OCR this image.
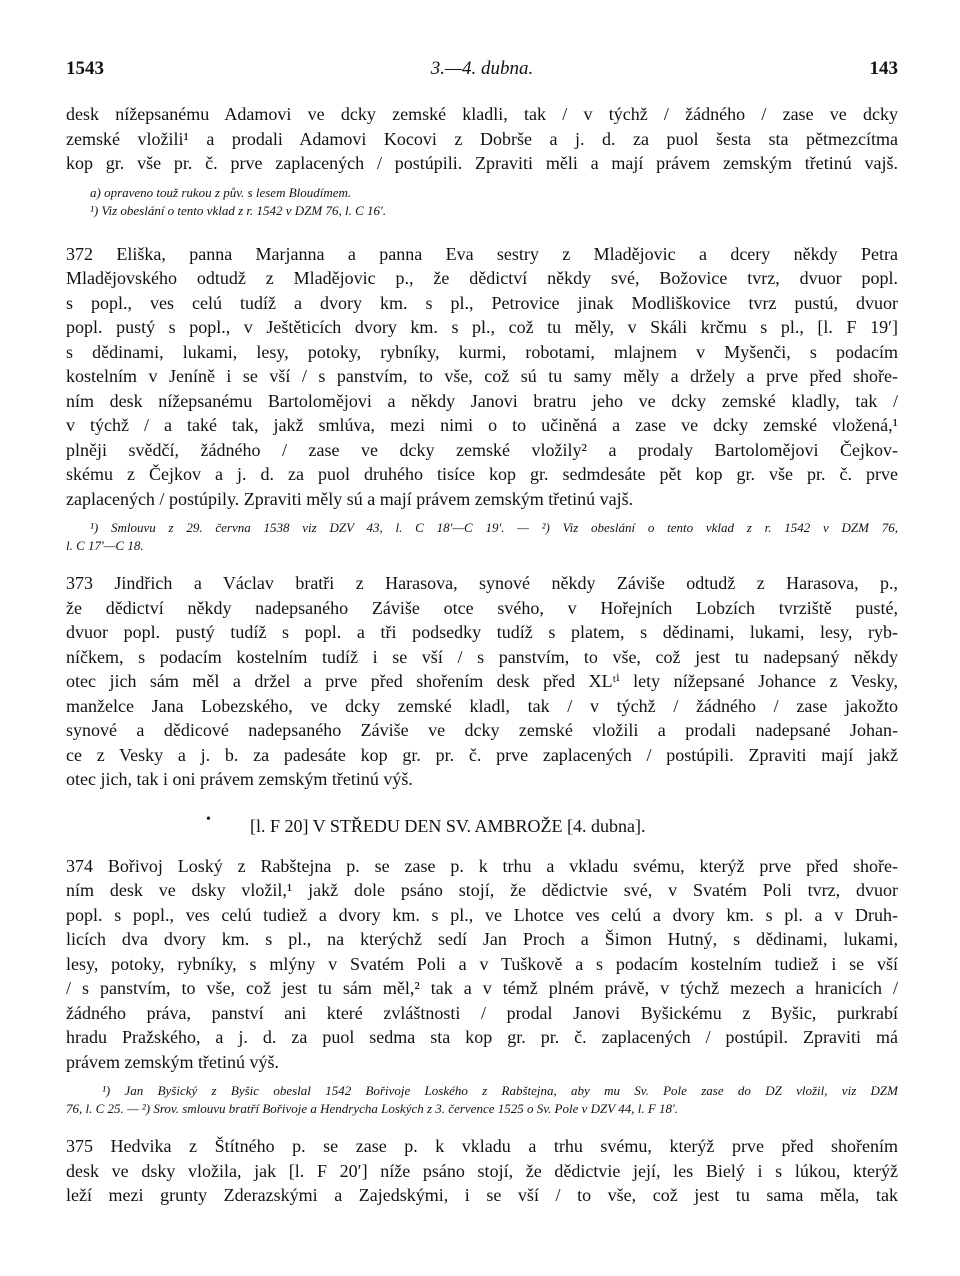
1543	3.—4. dubna.	143
desk nížepsanému Adamovi ve dcky zemské kladli, tak / v týchž / žádného / zase ve dcky
zemské vložili¹ a prodali Adamovi Kocovi z Dobrše a j. d. za puol šesta sta pětmezcítma
kop gr. vše pr. č. prve zaplacených / postúpili. Zpraviti měli a mají právem zemským třetinú vajš.
a) opraveno touž rukou z pův. s lesem Bloudímem.
¹) Viz obeslání o tento vklad z r. 1542 v DZM 76, l. C 16′.
372 Eliška, panna Marjanna a panna Eva sestry z Mladějovic a dcery někdy Petra
Mladějovského odtudž z Mladějovic p., že dědictví někdy své, Božovice tvrz, dvuor popl.
s popl., ves celú tudíž a dvory km. s pl., Petrovice jinak Modliškovice tvrz pustú, dvuor
popl. pustý s popl., v Ještěticích dvory km. s pl., což tu měly, v Skáli krčmu s pl., [l. F 19′]
s dědinami, lukami, lesy, potoky, rybníky, kurmi, robotami, mlajnem v Myšenči, s podacím
kostelním v Jeníně i se vší / s panstvím, to vše, což sú tu samy měly a držely a prve před shoře-
ním desk nížepsanému Bartolomějovi a někdy Janovi bratru jeho ve dcky zemské kladly, tak /
v týchž / a také tak, jakž smlúva, mezi nimi o to učiněná a zase ve dcky zemské vložená,¹
plněji svědčí, žádného / zase ve dcky zemské vložily² a prodaly Bartolomějovi Čejkov-
skému z Čejkov a j. d. za puol druhého tisíce kop gr. sedmdesáte pět kop gr. vše pr. č. prve
zaplacených / postúpily. Zpraviti měly sú a mají právem zemským třetinú vajš.
¹) Smlouvu z 29. června 1538 viz DZV 43, l. C 18′—C 19′. — ²) Viz obeslání o tento vklad z r. 1542 v DZM 76,
l. C 17′—C 18.
373 Jindřich a Václav bratři z Harasova, synové někdy Záviše odtudž z Harasova, p.,
že dědictví někdy nadepsaného Záviše otce svého, v Hořejních Lobzích tvrziště pusté,
dvuor popl. pustý tudíž s popl. a tři podsedky tudíž s platem, s dědinami, lukami, lesy, ryb-
níčkem, s podacím kostelním tudíž i se vší / s panstvím, to vše, což jest tu nadepsaný někdy
otec jich sám měl a držel a prve před shořením desk před XLᵗⁱ lety nížepsané Johance z Vesky,
manželce Jana Lobezského, ve dcky zemské kladl, tak / v týchž / žádného / zase jakožto
synové a dědicové nadepsaného Záviše ve dcky zemské vložili a prodali nadepsané Johan-
ce z Vesky a j. b. za padesáte kop gr. pr. č. prve zaplacených / postúpili. Zpraviti mají jakž
otec jich, tak i oni právem zemským třetinú výš.
• [l. F 20] V STŘEDU DEN SV. AMBROŽE [4. dubna].
374 Bořivoj Loský z Rabštejna p. se zase p. k trhu a vkladu svému, kterýž prve před shoře-
ním desk ve dsky vložil,¹ jakž dole psáno stojí, že dědictvie své, v Svatém Poli tvrz, dvuor
popl. s popl., ves celú tudiež a dvory km. s pl., ve Lhotce ves celú a dvory km. s pl. a v Druh-
licích dva dvory km. s pl., na kterýchž sedí Jan Proch a Šimon Hutný, s dědinami, lukami,
lesy, potoky, rybníky, s mlýny v Svatém Poli a v Tuškově a s podacím kostelním tudiež i se vší
/ s panstvím, to vše, což jest tu sám měl,² tak a v témž plném právě, v týchž mezech a hranicích /
žádného práva, panství ani které zvláštnosti / prodal Janovi Byšickému z Byšic, purkrabí
hradu Pražského, a j. d. za puol sedma sta kop gr. pr. č. zaplacených / postúpil. Zpraviti má
právem zemským třetinú výš.
¹) Jan Byšický z Byšic obeslal 1542 Bořivoje Loského z Rabštejna, aby mu Sv. Pole zase do DZ vložil, viz DZM
76, l. C 25. — ²) Srov. smlouvu bratří Bořivoje a Hendrycha Loských z 3. července 1525 o Sv. Pole v DZV 44, l. F 18′.
375 Hedvika z Štítného p. se zase p. k vkladu a trhu svému, kterýž prve před shořením
desk ve dsky vložila, jak [l. F 20′] níže psáno stojí, že dědictvie její, les Bielý i s lúkou, kterýž
leží mezi grunty Zderazskými a Zajedskými, i se vší / to vše, což jest tu sama měla, tak
